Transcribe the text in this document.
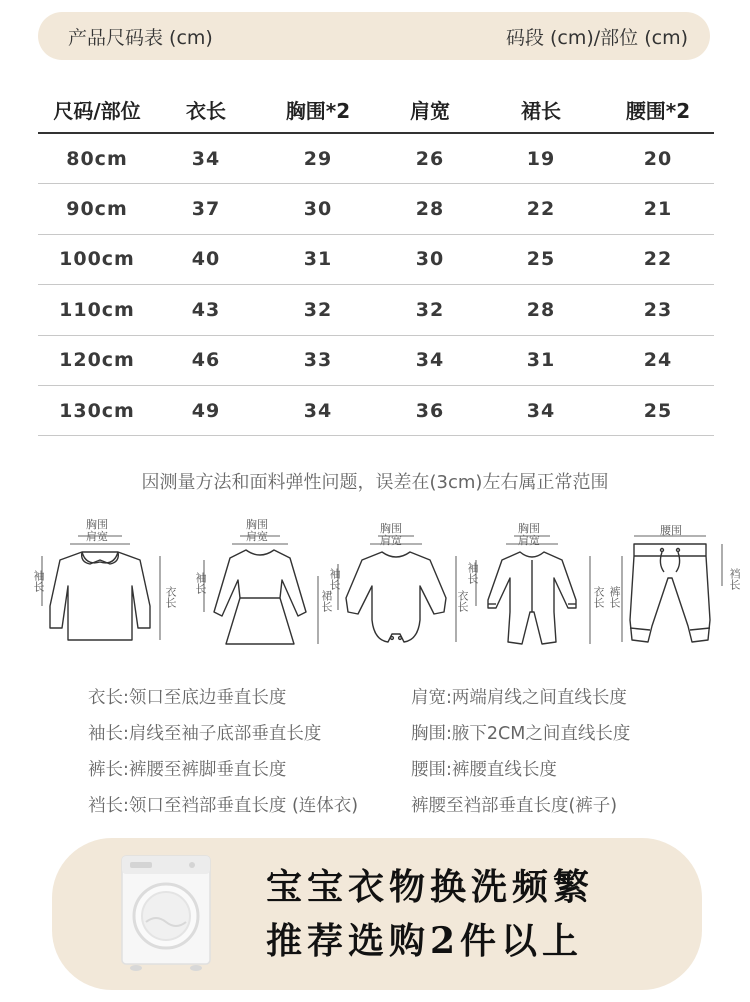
产品尺码表 (cm)	码段 (cm)/部位 (cm)
尺码/部位	衣长	胸围*2	肩宽	裙长	腰围*2
80cm	34	29	26	19	20
90cm	37	30	28	22	21
100cm	40	31	30	25	22
110cm	43	32	32	28	23
120cm	46	33	34	31	24
130cm	49	34	36	34	25
因测量方法和面料弹性问题，误差在(3cm)左右属正常范围
胸围
肩宽
袖长
衣长
胸围
肩宽
袖长
裙长
胸围
肩宽
袖长
衣长
胸围
肩宽
袖长
衣长
腰围
裤长
裆长
衣长:领口至底边垂直长度	肩宽:两端肩线之间直线长度
袖长:肩线至袖子底部垂直长度	胸围:腋下2CM之间直线长度
裤长:裤腰至裤脚垂直长度	腰围:裤腰直线长度
裆长:领口至裆部垂直长度 (连体衣)	裤腰至裆部垂直长度(裤子)
宝宝衣物换洗频繁
推荐选购2件以上
